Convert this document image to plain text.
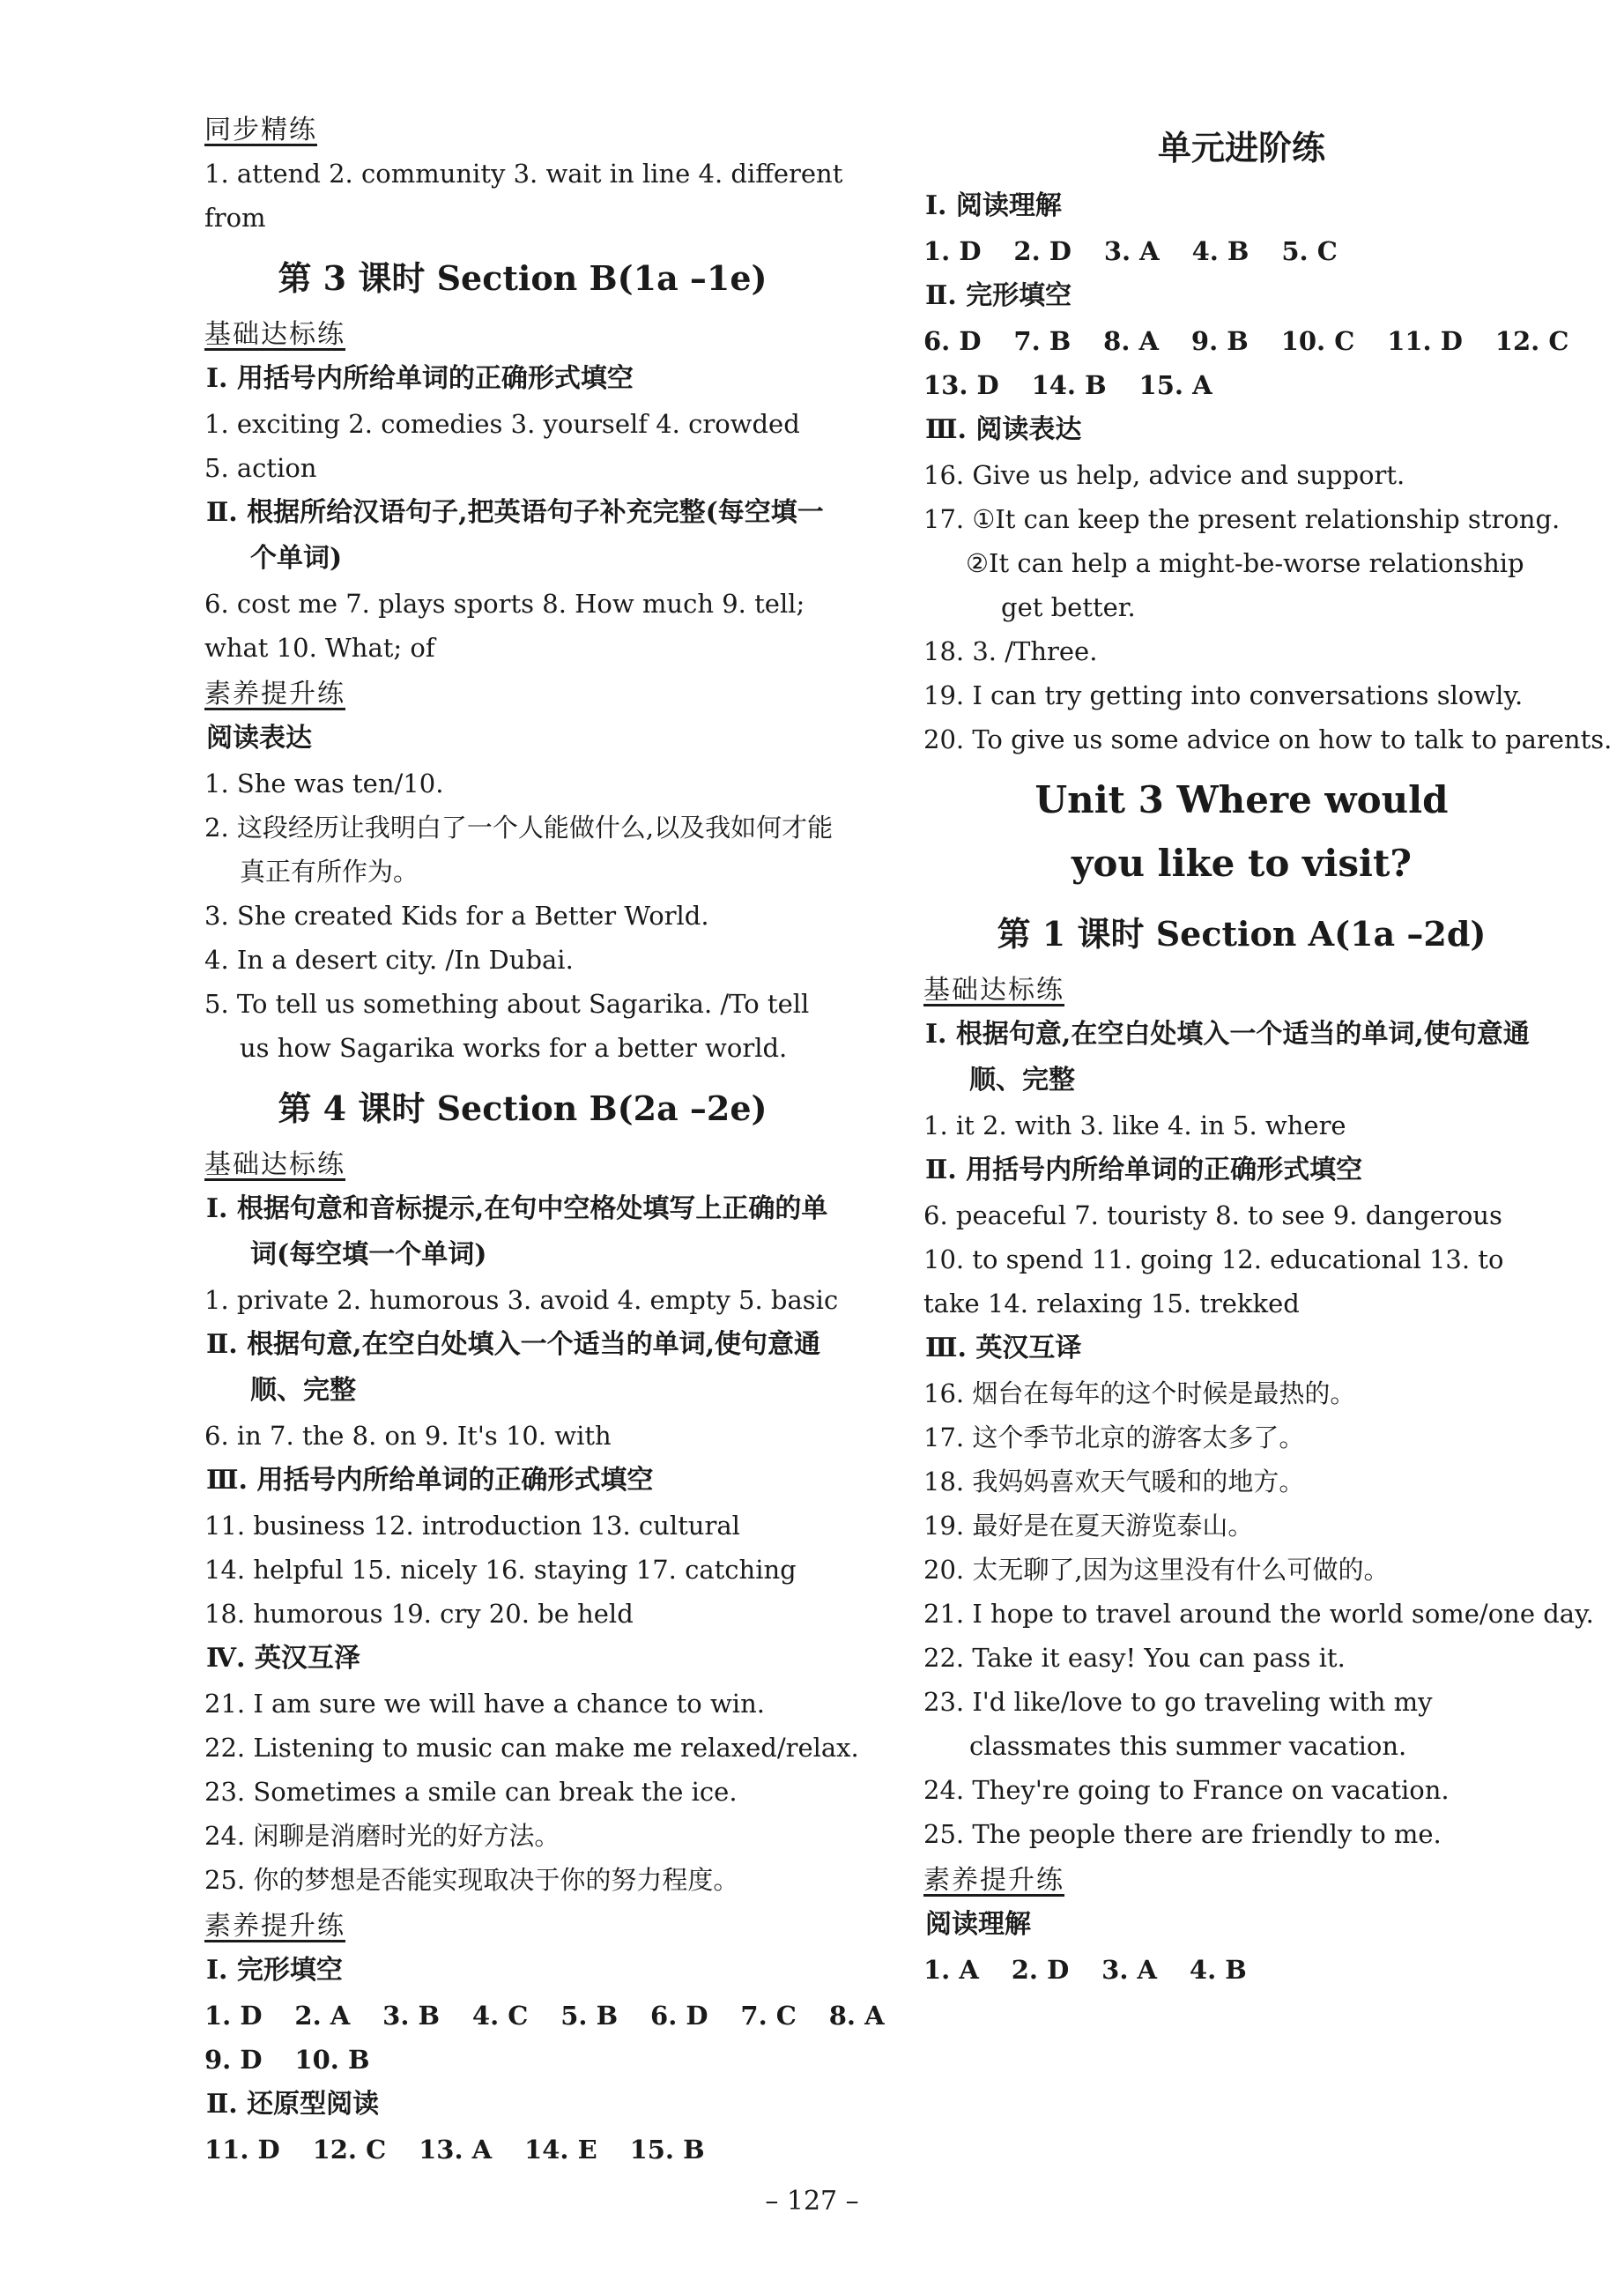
同步精练
1. attend 2. community 3. wait in line 4. different
from
第 3 课时 Section B(1a –1e)
基础达标练
Ⅰ. 用括号内所给单词的正确形式填空
1. exciting 2. comedies 3. yourself 4. crowded
5. action
Ⅱ. 根据所给汉语句子,把英语句子补充完整(每空填一个单词)
6. cost me 7. plays sports 8. How much 9. tell;
what 10. What; of
素养提升练
阅读表达
1. She was ten/10.
2. 这段经历让我明白了一个人能做什么,以及我如何才能真正有所作为。
3. She created Kids for a Better World.
4. In a desert city. /In Dubai.
5. To tell us something about Sagarika. /To tell us how Sagarika works for a better world.
第 4 课时 Section B(2a –2e)
基础达标练
Ⅰ. 根据句意和音标提示,在句中空格处填写上正确的单词(每空填一个单词)
1. private 2. humorous 3. avoid 4. empty 5. basic
Ⅱ. 根据句意,在空白处填入一个适当的单词,使句意通顺、完整
6. in 7. the 8. on 9. It's 10. with
Ⅲ. 用括号内所给单词的正确形式填空
11. business 12. introduction 13. cultural
14. helpful 15. nicely 16. staying 17. catching
18. humorous 19. cry 20. be held
Ⅳ. 英汉互泽
21. I am sure we will have a chance to win.
22. Listening to music can make me relaxed/relax.
23. Sometimes a smile can break the ice.
24. 闲聊是消磨时光的好方法。
25. 你的梦想是否能实现取决于你的努力程度。
素养提升练
Ⅰ. 完形填空
1. D 2. A 3. B 4. C 5. B 6. D 7. C 8. A
9. D 10. B
Ⅱ. 还原型阅读
11. D 12. C 13. A 14. E 15. B
单元进阶练
Ⅰ. 阅读理解
1. D 2. D 3. A 4. B 5. C
Ⅱ. 完形填空
6. D 7. B 8. A 9. B 10. C 11. D 12. C
13. D 14. B 15. A
Ⅲ. 阅读表达
16. Give us help, advice and support.
17. ①It can keep the present relationship strong.
②It can help a might-be-worse relationship get better.
18. 3. /Three.
19. I can try getting into conversations slowly.
20. To give us some advice on how to talk to parents.
Unit 3 Where would
you like to visit?
第 1 课时 Section A(1a –2d)
基础达标练
Ⅰ. 根据句意,在空白处填入一个适当的单词,使句意通顺、完整
1. it 2. with 3. like 4. in 5. where
Ⅱ. 用括号内所给单词的正确形式填空
6. peaceful 7. touristy 8. to see 9. dangerous
10. to spend 11. going 12. educational 13. to
take 14. relaxing 15. trekked
Ⅲ. 英汉互译
16. 烟台在每年的这个时候是最热的。
17. 这个季节北京的游客太多了。
18. 我妈妈喜欢天气暖和的地方。
19. 最好是在夏天游览泰山。
20. 太无聊了,因为这里没有什么可做的。
21. I hope to travel around the world some/one day.
22. Take it easy! You can pass it.
23. I'd like/love to go traveling with my classmates this summer vacation.
24. They're going to France on vacation.
25. The people there are friendly to me.
素养提升练
阅读理解
1. A 2. D 3. A 4. B
– 127 –
